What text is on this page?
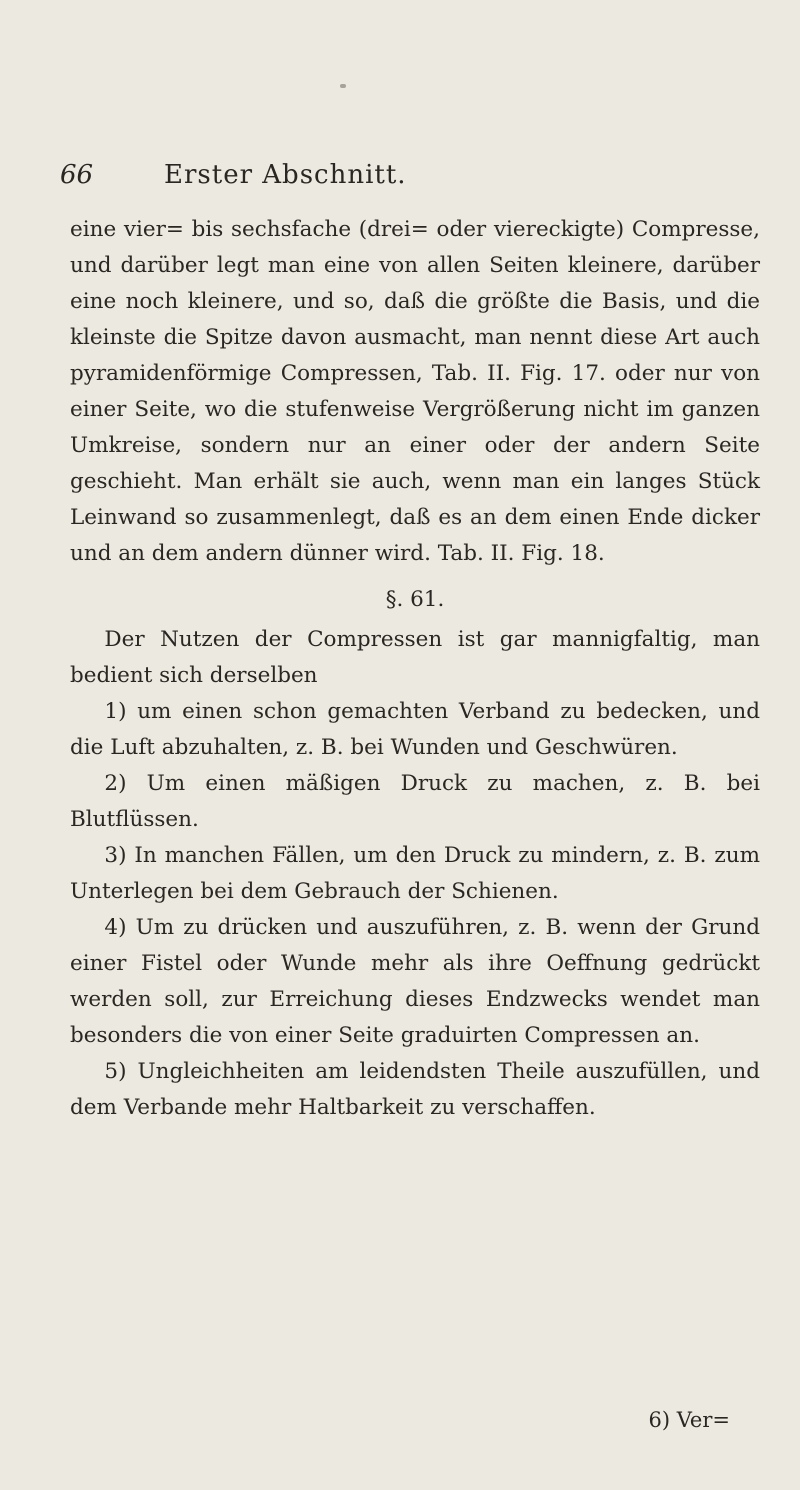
66	Erster Abschnitt.

eine vier= bis sechsfache (drei= oder viereckigte) Compresse, und darüber legt man eine von allen Seiten kleinere, darüber eine noch kleinere, und so, daß die größte die Basis, und die kleinste die Spitze davon ausmacht, man nennt diese Art auch pyramidenförmige Compressen, Tab. II. Fig. 17. oder nur von einer Seite, wo die stufenweise Vergrößerung nicht im ganzen Umkreise, sondern nur an einer oder der andern Seite geschieht. Man erhält sie auch, wenn man ein langes Stück Leinwand so zusammenlegt, daß es an dem einen Ende dicker und an dem andern dünner wird. Tab. II. Fig. 18.

§. 61.

Der Nutzen der Compressen ist gar mannigfaltig, man bedient sich derselben

1) um einen schon gemachten Verband zu bedecken, und die Luft abzuhalten, z. B. bei Wunden und Geschwüren.

2) Um einen mäßigen Druck zu machen, z. B. bei Blutflüssen.

3) In manchen Fällen, um den Druck zu mindern, z. B. zum Unterlegen bei dem Gebrauch der Schienen.

4) Um zu drücken und auszuführen, z. B. wenn der Grund einer Fistel oder Wunde mehr als ihre Oeffnung gedrückt werden soll, zur Erreichung dieses Endzwecks wendet man besonders die von einer Seite graduirten Compressen an.

5) Ungleichheiten am leidendsten Theile auszufüllen, und dem Verbande mehr Haltbarkeit zu verschaffen.

6) Ver=
